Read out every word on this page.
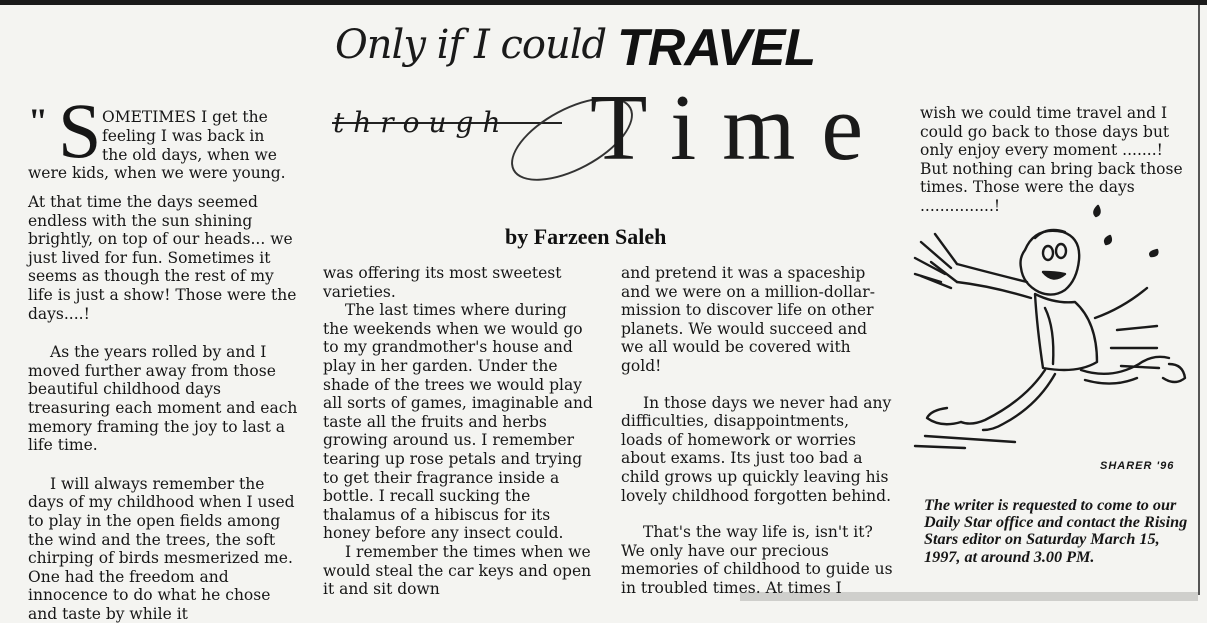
Only if I could TRAVEL
through Time
by Farzeen Saleh
" S OMETIMES I get the
feeling I was back in
the old days, when we
were kids, when we were young.

At that time the days seemed endless with the sun shining brightly, on top of our heads... we just lived for fun. Sometimes it seems as though the rest of my life is just a show! Those were the days....!

As the years rolled by and I moved further away from those beautiful childhood days treasuring each moment and each memory framing the joy to last a life time.

I will always remember the days of my childhood when I used to play in the open fields among the wind and the trees, the soft chirping of birds mesmerized me. One had the freedom and innocence to do what he chose and taste by while it

was offering its most sweetest varieties.

The last times where during the weekends when we would go to my grandmother's house and play in her garden. Under the shade of the trees we would play all sorts of games, imaginable and taste all the fruits and herbs growing around us. I remember tearing up rose petals and trying to get their fragrance inside a bottle. I recall sucking the thalamus of a hibiscus for its honey before any insect could.

I remember the times when we would steal the car keys and open it and sit down

and pretend it was a spaceship and we were on a million-dollar-mission to discover life on other planets. We would succeed and we all would be covered with gold!

In those days we never had any difficulties, disappointments, loads of homework or worries about exams. Its just too bad a child grows up quickly leaving his lovely childhood forgotten behind.

That's the way life is, isn't it? We only have our precious memories of childhood to guide us in troubled times. At times I

wish we could time travel and I could go back to those days but only enjoy every moment .......! But nothing can bring back those times. Those were the days ...............!

SHARER '96
The writer is requested to come to our Daily Star office and contact the Rising Stars editor on Saturday March 15, 1997, at around 3.00 PM.
